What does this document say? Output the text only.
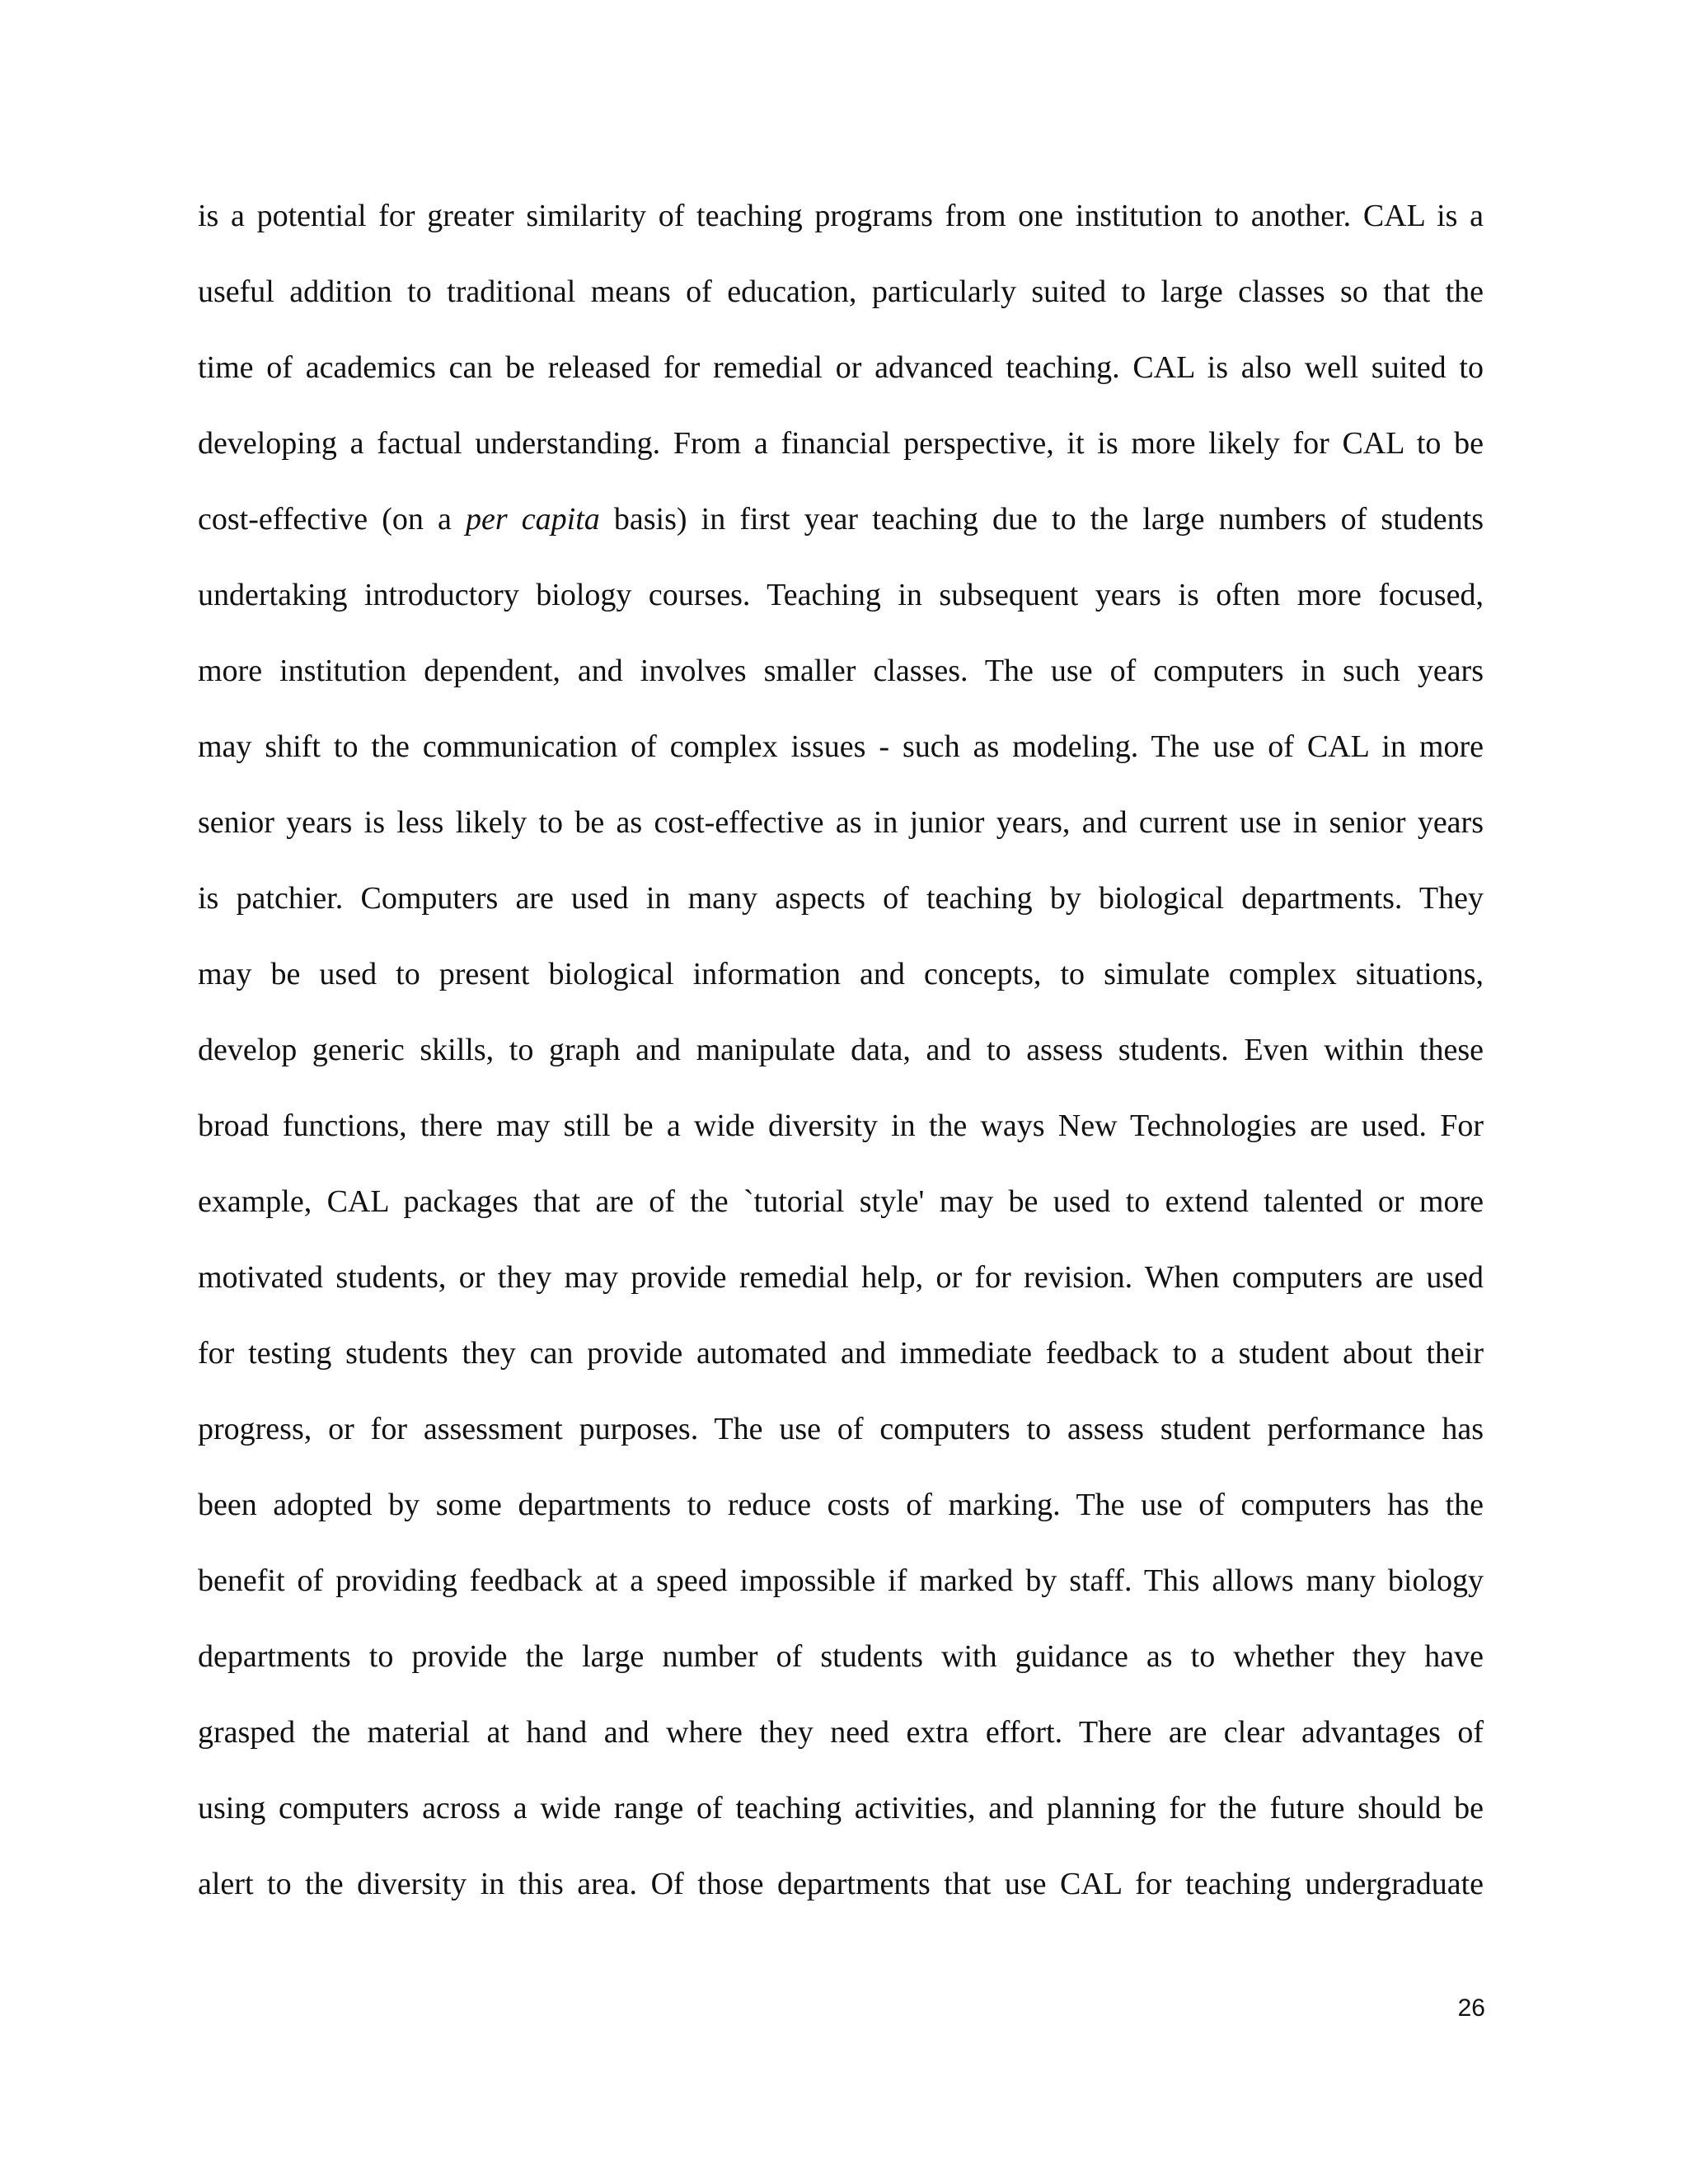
is a potential for greater similarity of teaching programs from one institution to another. CAL is a
useful addition to traditional means of education, particularly suited to large classes so that the
time of academics can be released for remedial or advanced teaching. CAL is also well suited to
developing a factual understanding. From a financial perspective, it is more likely for CAL to be
cost-effective (on a per capita basis) in first year teaching due to the large numbers of students
undertaking introductory biology courses. Teaching in subsequent years is often more focused,
more institution dependent, and involves smaller classes. The use of computers in such years
may shift to the communication of complex issues - such as modeling. The use of CAL in more
senior years is less likely to be as cost-effective as in junior years, and current use in senior years
is patchier. Computers are used in many aspects of teaching by biological departments. They
may be used to present biological information and concepts, to simulate complex situations,
develop generic skills, to graph and manipulate data, and to assess students. Even within these
broad functions, there may still be a wide diversity in the ways New Technologies are used. For
example, CAL packages that are of the `tutorial style' may be used to extend talented or more
motivated students, or they may provide remedial help, or for revision. When computers are used
for testing students they can provide automated and immediate feedback to a student about their
progress, or for assessment purposes. The use of computers to assess student performance has
been adopted by some departments to reduce costs of marking. The use of computers has the
benefit of providing feedback at a speed impossible if marked by staff. This allows many biology
departments to provide the large number of students with guidance as to whether they have
grasped the material at hand and where they need extra effort. There are clear advantages of
using computers across a wide range of teaching activities, and planning for the future should be
alert to the diversity in this area. Of those departments that use CAL for teaching undergraduate
26
